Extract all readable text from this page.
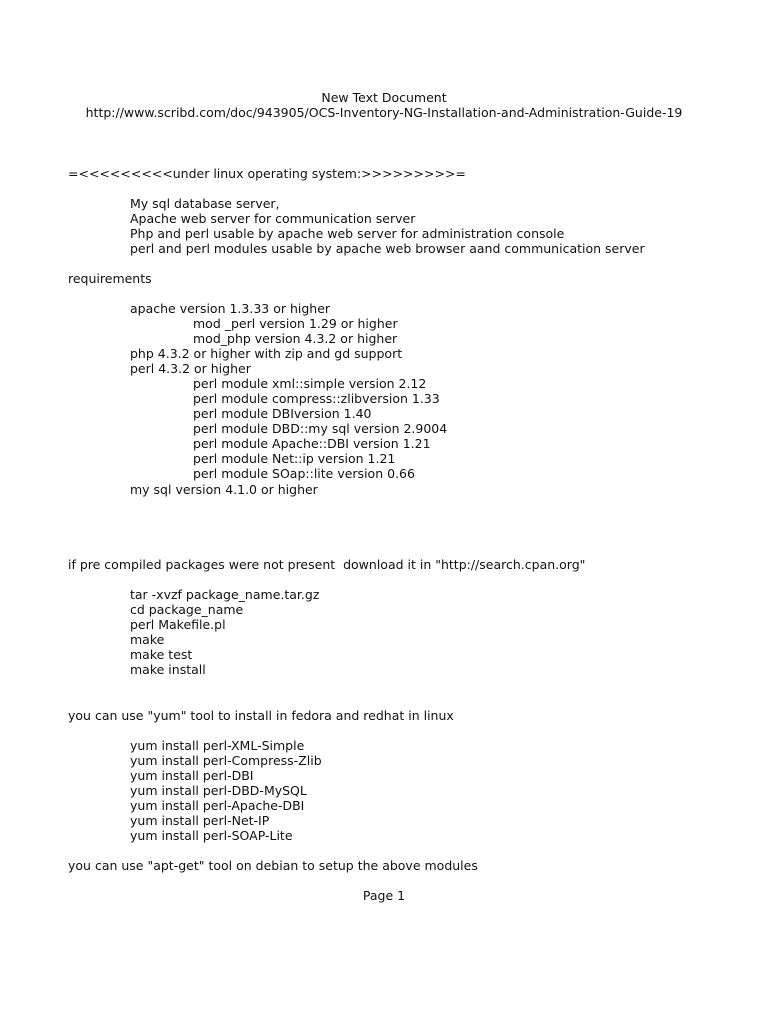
New Text Document
http://www.scribd.com/doc/943905/OCS-Inventory-NG-Installation-and-Administration-Guide-19
=<<<<<<<<<under linux operating system:>>>>>>>>>=
My sql database server,
Apache web server for communication server
Php and perl usable by apache web server for administration console
perl and perl modules usable by apache web browser aand communication server
requirements
apache version 1.3.33 or higher
mod _perl version 1.29 or higher
mod_php version 4.3.2 or higher
php 4.3.2 or higher with zip and gd support
perl 4.3.2 or higher
perl module xml::simple version 2.12
perl module compress::zlibversion 1.33
perl module DBIversion 1.40
perl module DBD::my sql version 2.9004
perl module Apache::DBI version 1.21
perl module Net::ip version 1.21
perl module SOap::lite version 0.66
my sql version 4.1.0 or higher
if pre compiled packages were not present  download it in "http://search.cpan.org"
tar -xvzf package_name.tar.gz
cd package_name
perl Makefile.pl
make
make test
make install
you can use "yum" tool to install in fedora and redhat in linux
yum install perl-XML-Simple
yum install perl-Compress-Zlib
yum install perl-DBI
yum install perl-DBD-MySQL
yum install perl-Apache-DBI
yum install perl-Net-IP
yum install perl-SOAP-Lite
you can use "apt-get" tool on debian to setup the above modules
Page 1
